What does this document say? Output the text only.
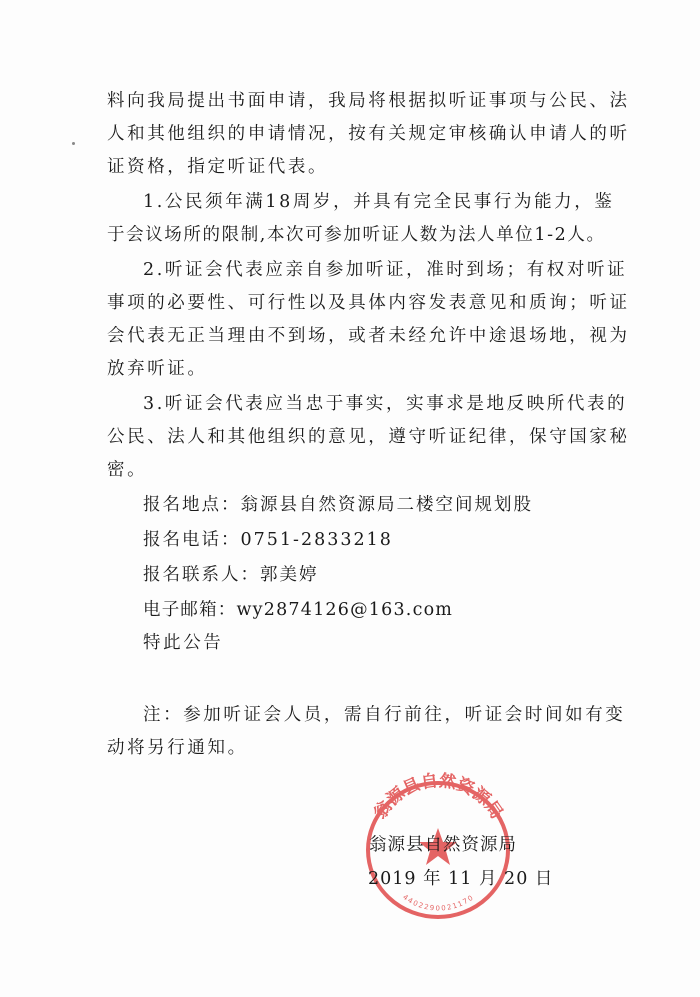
料向我局提出书面申请，我局将根据拟听证事项与公民、法
人和其他组织的申请情况，按有关规定审核确认申请人的听
证资格，指定听证代表。
1.公民须年满18周岁，并具有完全民事行为能力，鉴
于会议场所的限制,本次可参加听证人数为法人单位1-2人。
2.听证会代表应亲自参加听证，准时到场；有权对听证
事项的必要性、可行性以及具体内容发表意见和质询；听证
会代表无正当理由不到场，或者未经允许中途退场地，视为
放弃听证。
3.听证会代表应当忠于事实，实事求是地反映所代表的
公民、法人和其他组织的意见，遵守听证纪律，保守国家秘
密。
报名地点：翁源县自然资源局二楼空间规划股
报名电话：0751-2833218
报名联系人：郭美婷
电子邮箱：wy2874126@163.com
特此公告
注：参加听证会人员，需自行前往，听证会时间如有变
动将另行通知。
翁源县自然资源局
4402290021170
翁源县自然资源局
2019 年 11 月 20 日
